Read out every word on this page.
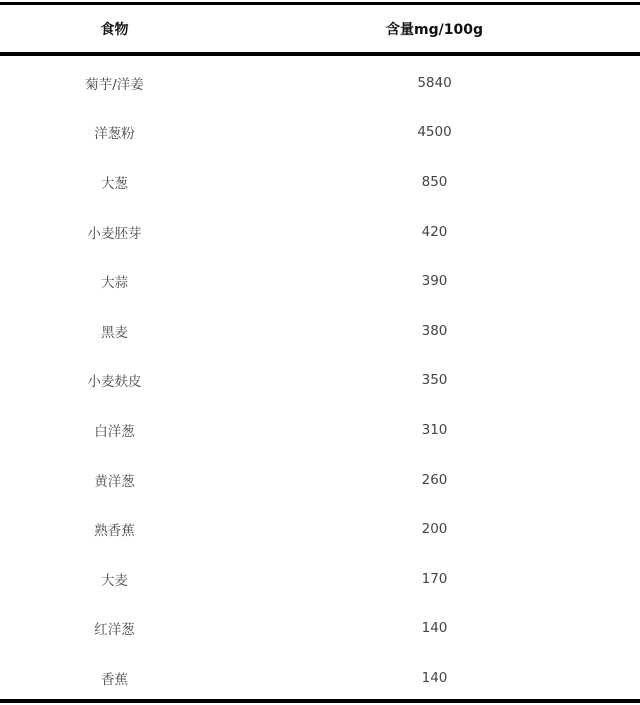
食物	含量mg/100g
菊芋/洋姜	5840
洋葱粉	4500
大葱	850
小麦胚芽	420
大蒜	390
黑麦	380
小麦麸皮	350
白洋葱	310
黄洋葱	260
熟香蕉	200
大麦	170
红洋葱	140
香蕉	140
